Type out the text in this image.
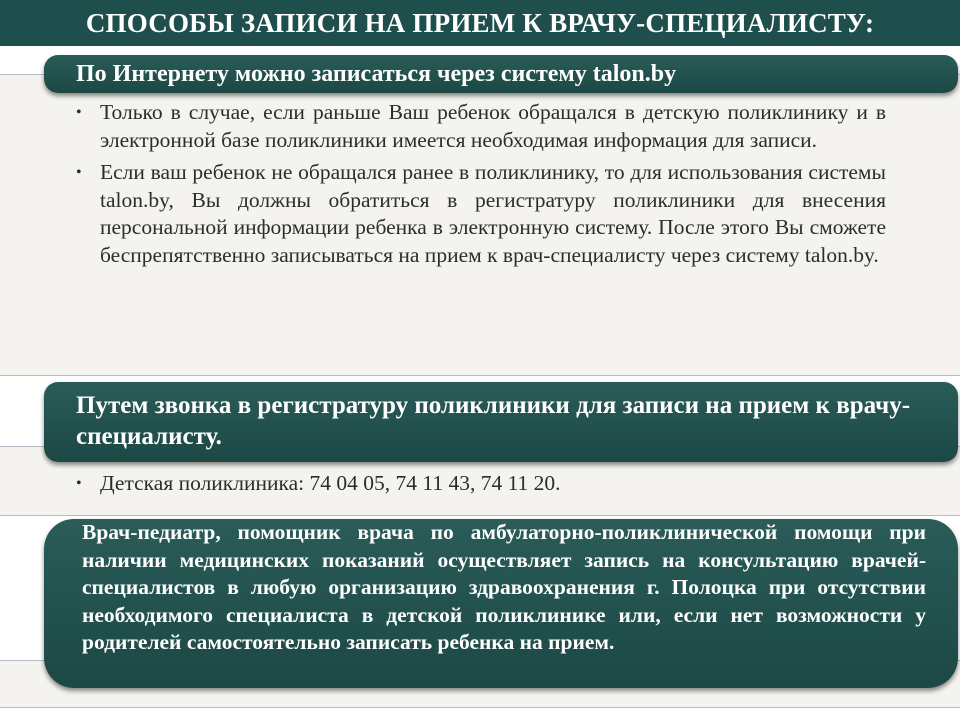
СПОСОБЫ ЗАПИСИ НА ПРИЕМ К ВРАЧУ-СПЕЦИАЛИСТУ:
По Интернету можно записаться через систему talon.by
• Только в случае, если раньше Ваш ребенок обращался в детскую поликлинику и в электронной базе поликлиники имеется необходимая информация для записи.
• Если ваш ребенок не обращался ранее в поликлинику, то для использования системы talon.by, Вы должны обратиться в регистратуру поликлиники для внесения персональной информации ребенка в электронную систему. После этого Вы сможете беспрепятственно записываться на прием к врач-специалисту через систему talon.by.
Путем звонка в регистратуру поликлиники для записи на прием к врачу-специалисту.
• Детская поликлиника: 74 04 05, 74 11 43, 74 11 20.
Врач-педиатр, помощник врача по амбулаторно-поликлинической помощи при наличии медицинских показаний осуществляет запись на консультацию врачей-специалистов в любую организацию здравоохранения г. Полоцка при отсутствии необходимого специалиста в детской поликлинике или, если нет возможности у родителей самостоятельно записать ребенка на прием.
